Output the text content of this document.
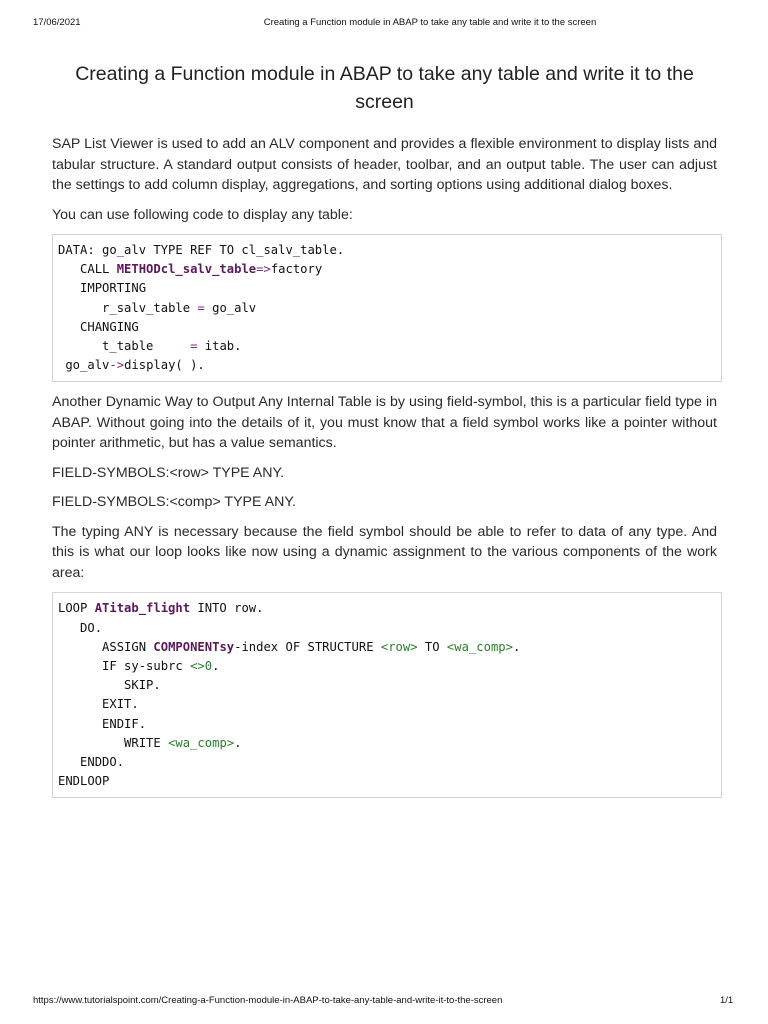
17/06/2021	Creating a Function module in ABAP to take any table and write it to the screen
Creating a Function module in ABAP to take any table and write it to the screen

SAP List Viewer is used to add an ALV component and provides a flexible environment to display lists and tabular structure. A standard output consists of header, toolbar, and an output table. The user can adjust the settings to add column display, aggregations, and sorting options using additional dialog boxes.

You can use following code to display any table:

DATA: go_alv TYPE REF TO cl_salv_table.
CALL METHODcl_salv_table=>factory
IMPORTING
r_salv_table = go_alv
CHANGING
t_table     = itab.
go_alv->display( ).

Another Dynamic Way to Output Any Internal Table is by using field-symbol, this is a particular field type in ABAP. Without going into the details of it, you must know that a field symbol works like a pointer without pointer arithmetic, but has a value semantics.

FIELD-SYMBOLS:<row> TYPE ANY.

FIELD-SYMBOLS:<comp> TYPE ANY.

The typing ANY is necessary because the field symbol should be able to refer to data of any type. And this is what our loop looks like now using a dynamic assignment to the various components of the work area:

LOOP ATitab_flight INTO row.
DO.
ASSIGN COMPONENTsy-index OF STRUCTURE <row> TO <wa_comp>.
IF sy-subrc <>0.
SKIP.
EXIT.
ENDIF.
WRITE <wa_comp>.
ENDDO.
ENDLOOP
https://www.tutorialspoint.com/Creating-a-Function-module-in-ABAP-to-take-any-table-and-write-it-to-the-screen	1/1
